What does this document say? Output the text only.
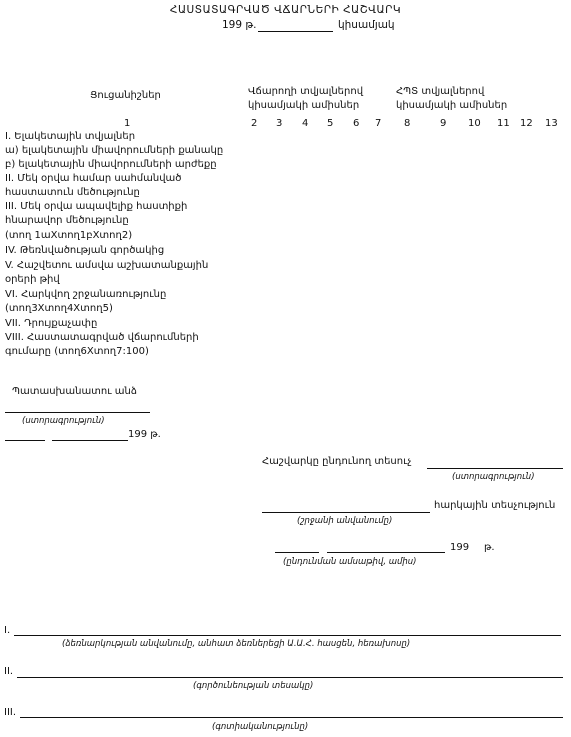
ՀԱՍՏԱՏԱԳՐՎԱԾ ՎՃԱՐՆԵՐԻ ՀԱՇՎԱՐԿ
199 թ.	կիսամյակ
Ցուցանիշներ	Վճարողի տվյալներով
կիսամյակի ամիսներ
ՀՊՏ տվյալներով
կիսամյակի ամիսներ
1	2 3 4 5 6 7 8	9 10 11 12 13
I. Ելակետային տվյալներ
ա) ելակետային միավորումների քանակը
բ) ելակետային միավորումների արժեքը
II. Մեկ օրվա համար սահմանված
հաստատուն մեծությունը
III. Մեկ օրվա ապավելիք հաստիքի
հնարավոր մեծությունը
(տող 1աXտող1բXտող2)
IV. Թեռնվածության գործակից
V. Հաշվետու ամսվա աշխատանքային
օրերի թիվ
VI. Հարկվող շրջանառությունը
(տող3Xտող4Xտող5)
VII. Դրույքաչափը
VIII. Հաստատագրված վճարումների
գումարը (տող6Xտող7:100)
Պատասխանատու անձ
(ստորագրություն)
199 թ.
Հաշվարկը ընդունող տեսուչ
(ստորագրություն)
հարկային տեսչություն
(շրջանի անվանումը)
199 թ.
(ընդունման ամսաթիվ, ամիս)
I.
(ձեռնարկության անվանումը, անհատ ձեռներեցի Ա.Ա.Հ. հասցեն, հեռախոսը)
II.
(գործունեության տեսակը)
III.
(գոտիականությունը)
